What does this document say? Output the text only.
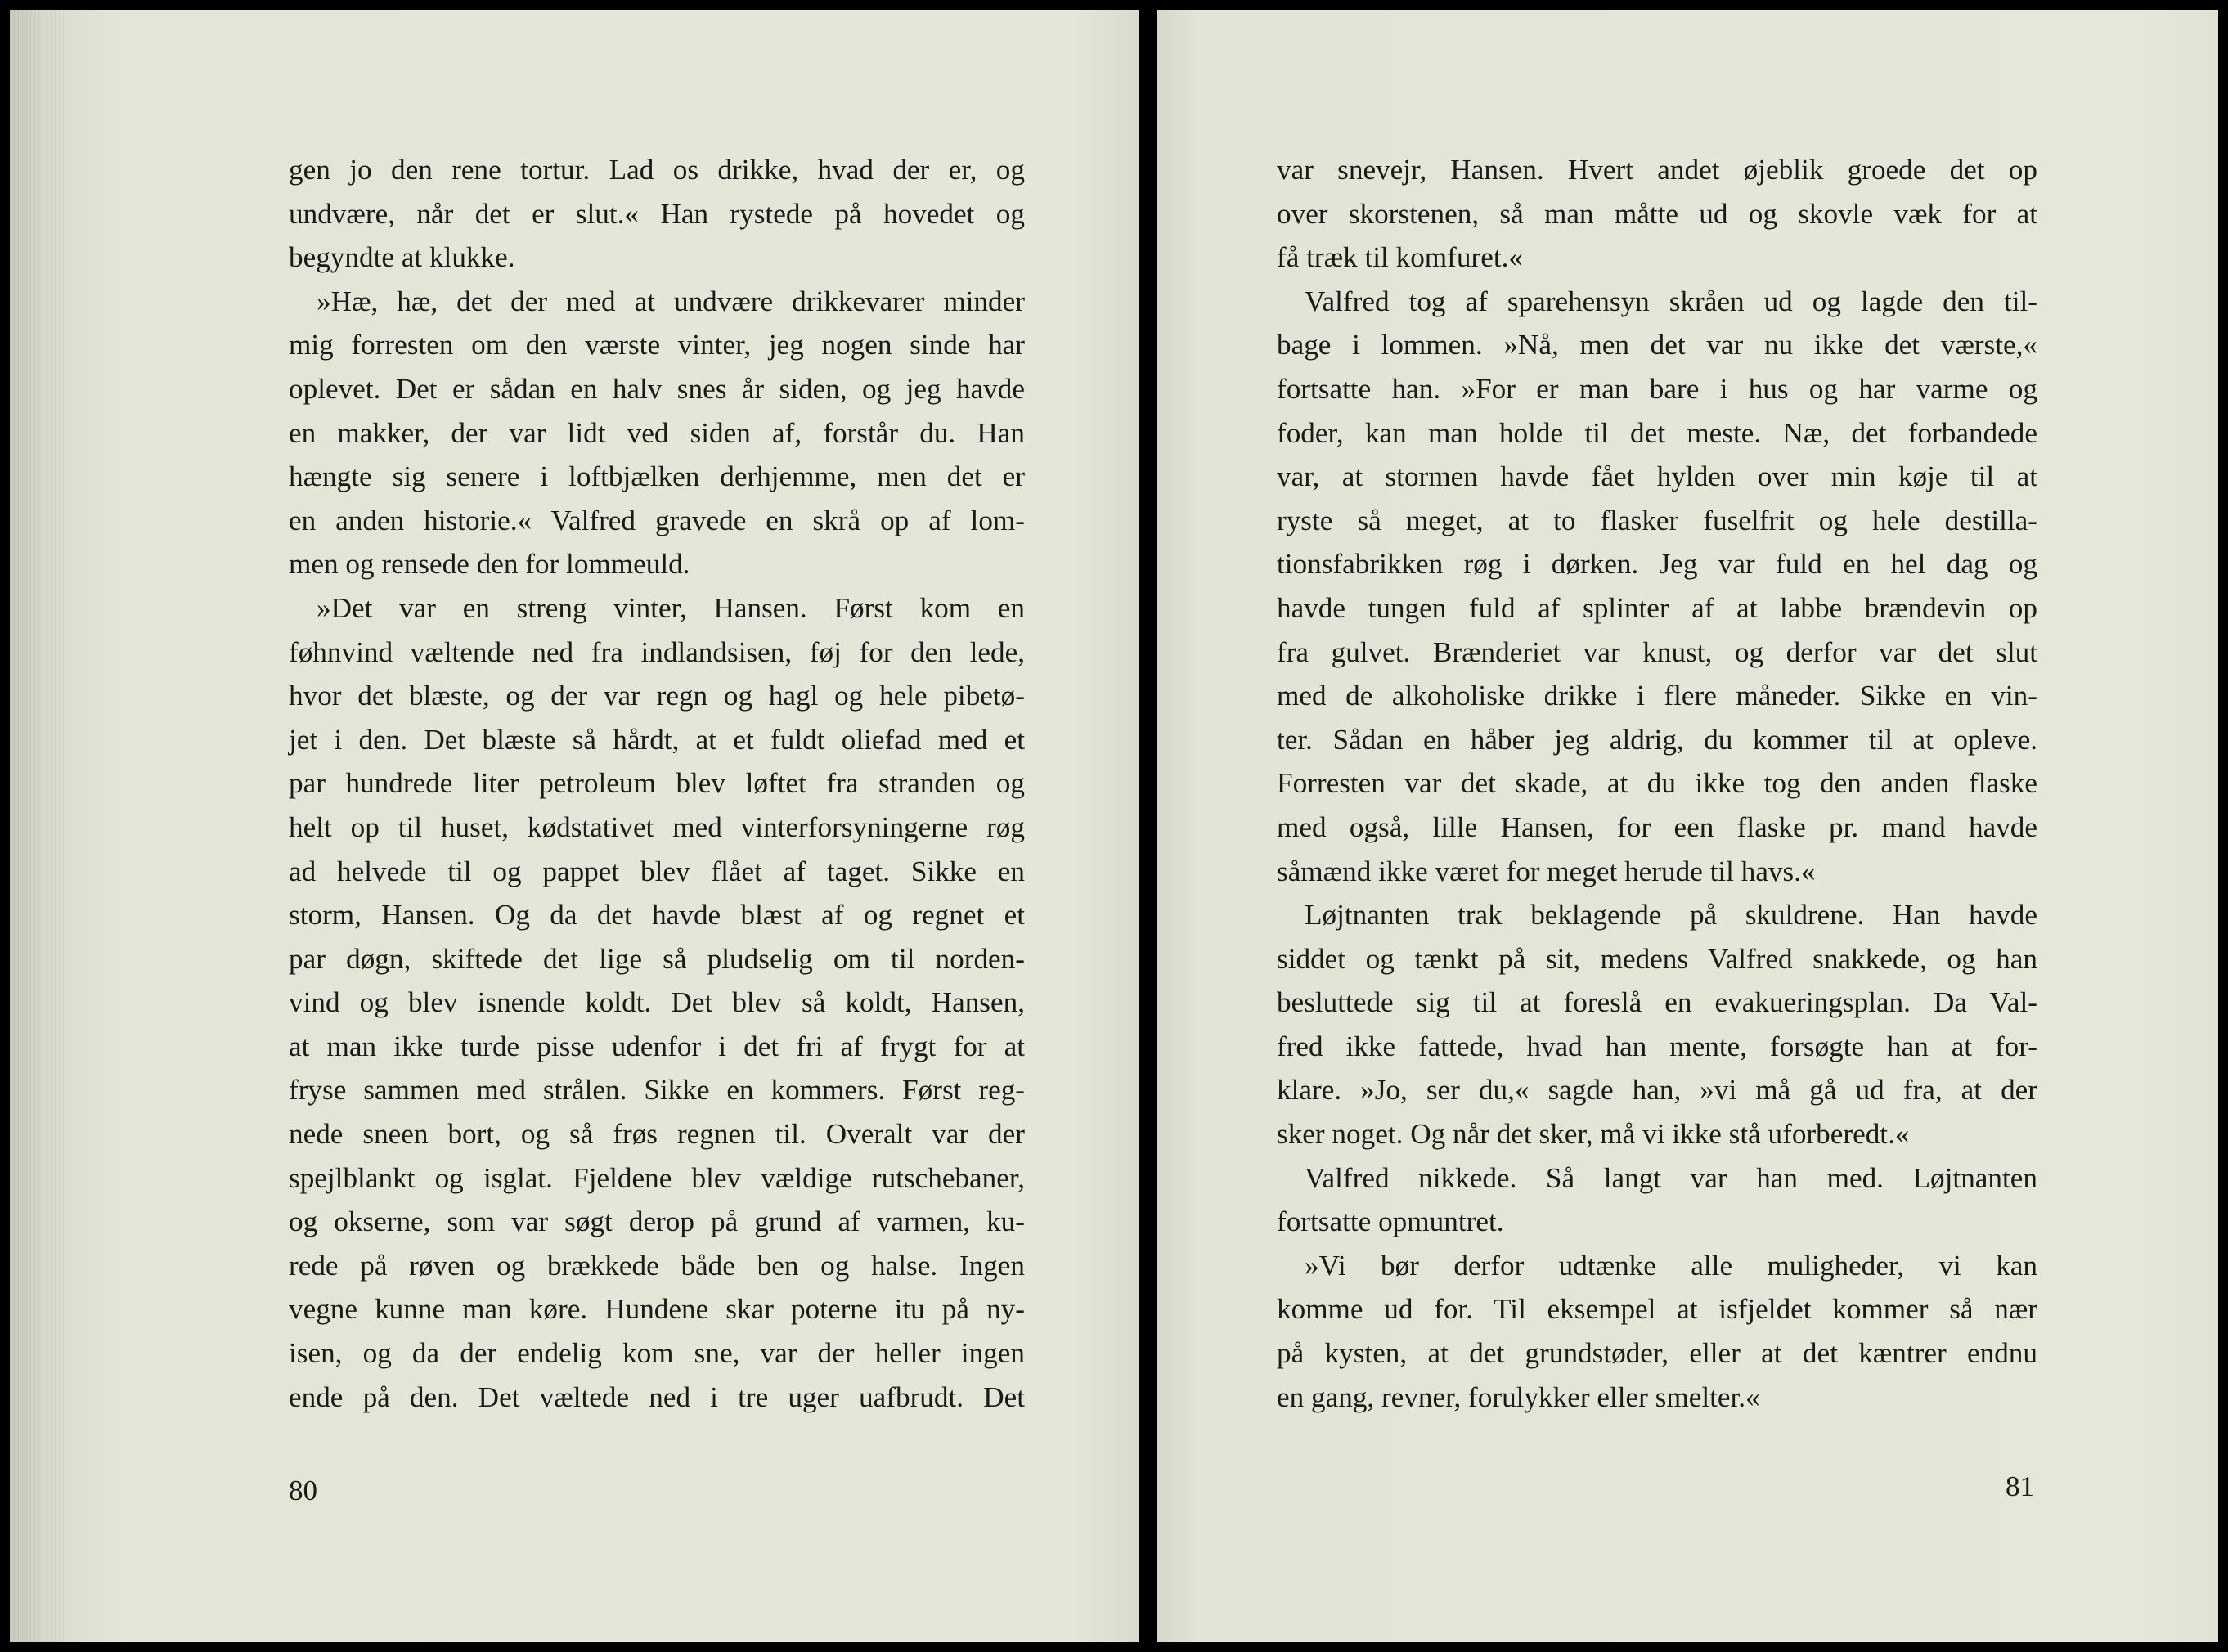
gen jo den rene tortur. Lad os drikke, hvad der er, og
undvære, når det er slut.« Han rystede på hovedet og
begyndte at klukke.
»Hæ, hæ, det der med at undvære drikkevarer minder
mig forresten om den værste vinter, jeg nogen sinde har
oplevet. Det er sådan en halv snes år siden, og jeg havde
en makker, der var lidt ved siden af, forstår du. Han
hængte sig senere i loftbjælken derhjemme, men det er
en anden historie.« Valfred gravede en skrå op af lom-
men og rensede den for lommeuld.
»Det var en streng vinter, Hansen. Først kom en
føhnvind væltende ned fra indlandsisen, føj for den lede,
hvor det blæste, og der var regn og hagl og hele pibetø-
jet i den. Det blæste så hårdt, at et fuldt oliefad med et
par hundrede liter petroleum blev løftet fra stranden og
helt op til huset, kødstativet med vinterforsyningerne røg
ad helvede til og pappet blev flået af taget. Sikke en
storm, Hansen. Og da det havde blæst af og regnet et
par døgn, skiftede det lige så pludselig om til norden-
vind og blev isnende koldt. Det blev så koldt, Hansen,
at man ikke turde pisse udenfor i det fri af frygt for at
fryse sammen med strålen. Sikke en kommers. Først reg-
nede sneen bort, og så frøs regnen til. Overalt var der
spejlblankt og isglat. Fjeldene blev vældige rutschebaner,
og okserne, som var søgt derop på grund af varmen, ku-
rede på røven og brækkede både ben og halse. Ingen
vegne kunne man køre. Hundene skar poterne itu på ny-
isen, og da der endelig kom sne, var der heller ingen
ende på den. Det væltede ned i tre uger uafbrudt. Det
80
var snevejr, Hansen. Hvert andet øjeblik groede det op
over skorstenen, så man måtte ud og skovle væk for at
få træk til komfuret.«
Valfred tog af sparehensyn skråen ud og lagde den til-
bage i lommen. »Nå, men det var nu ikke det værste,«
fortsatte han. »For er man bare i hus og har varme og
foder, kan man holde til det meste. Næ, det forbandede
var, at stormen havde fået hylden over min køje til at
ryste så meget, at to flasker fuselfrit og hele destilla-
tionsfabrikken røg i dørken. Jeg var fuld en hel dag og
havde tungen fuld af splinter af at labbe brændevin op
fra gulvet. Brænderiet var knust, og derfor var det slut
med de alkoholiske drikke i flere måneder. Sikke en vin-
ter. Sådan en håber jeg aldrig, du kommer til at opleve.
Forresten var det skade, at du ikke tog den anden flaske
med også, lille Hansen, for een flaske pr. mand havde
såmænd ikke været for meget herude til havs.«
Løjtnanten trak beklagende på skuldrene. Han havde
siddet og tænkt på sit, medens Valfred snakkede, og han
besluttede sig til at foreslå en evakueringsplan. Da Val-
fred ikke fattede, hvad han mente, forsøgte han at for-
klare. »Jo, ser du,« sagde han, »vi må gå ud fra, at der
sker noget. Og når det sker, må vi ikke stå uforberedt.«
Valfred nikkede. Så langt var han med. Løjtnanten
fortsatte opmuntret.
»Vi bør derfor udtænke alle muligheder, vi kan
komme ud for. Til eksempel at isfjeldet kommer så nær
på kysten, at det grundstøder, eller at det kæntrer endnu
en gang, revner, forulykker eller smelter.«
81
